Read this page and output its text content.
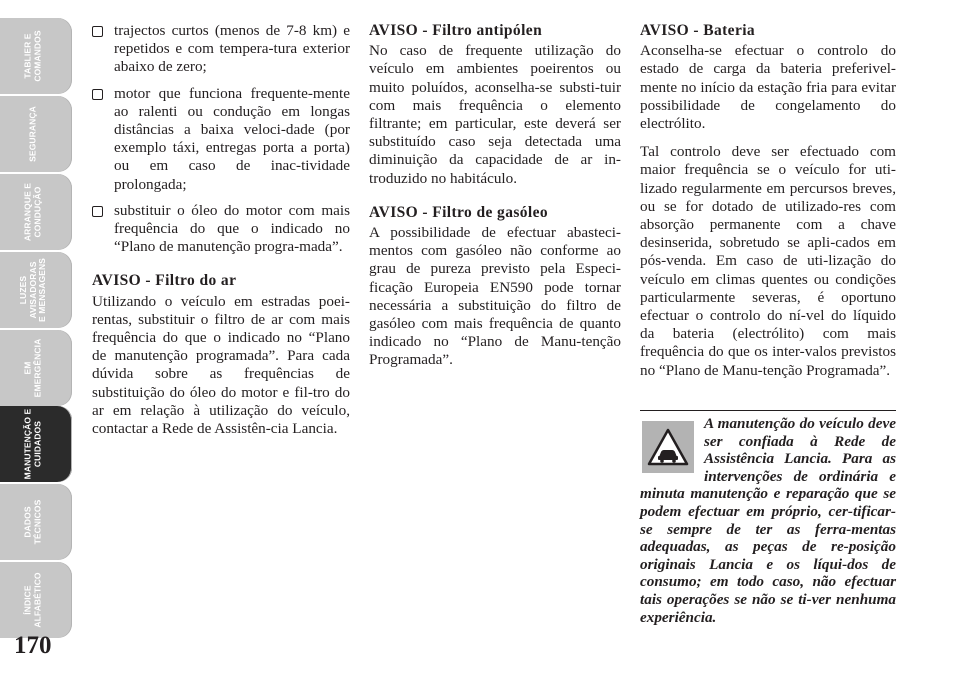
TABLIER E
COMANDOS
SEGURANÇA
ARRANQUE E
CONDUÇÃO
LUZES
AVISADORAS
E MENSAGENS
EM
EMERGÊNCIA
MANUTENÇÃO E
CUIDADOS
DADOS
TÉCNICOS
ÍNDICE
ALFABÉTICO
170
trajectos curtos (menos de 7-8 km) e repetidos e com tempera-tura exterior abaixo de zero;
motor que funciona frequente-mente ao ralenti ou condução em longas distâncias a baixa veloci-dade (por exemplo táxi, entregas porta a porta) ou em caso de inac-tividade prolongada;
substituir o óleo do motor com mais frequência do que o indicado no “Plano de manutenção progra-mada”.
AVISO - Filtro do ar

Utilizando o veículo em estradas poei-rentas, substituir o filtro de ar com mais frequência do que o indicado no “Plano de manutenção programada”. Para cada dúvida sobre as frequências de substituição do óleo do motor e fil-tro do ar em relação à utilização do veículo, contactar a Rede de Assistên-cia Lancia.

AVISO - Filtro antipólen

No caso de frequente utilização do veículo em ambientes poeirentos ou muito poluídos, aconselha-se substi-tuir com mais frequência o elemento filtrante; em particular, este deverá ser substituído caso seja detectada uma diminuição da capacidade de ar in-troduzido no habitáculo.

AVISO - Filtro de gasóleo

A possibilidade de efectuar abasteci-mentos com gasóleo não conforme ao grau de pureza previsto pela Especi-ficação Europeia EN590 pode tornar necessária a substituição do filtro de gasóleo com mais frequência de quanto indicado no “Plano de Manu-tenção Programada”.

AVISO - Bateria

Aconselha-se efectuar o controlo do estado de carga da bateria preferivel-mente no início da estação fria para evitar possibilidade de congelamento do electrólito.

Tal controlo deve ser efectuado com maior frequência se o veículo for uti-lizado regularmente em percursos breves, ou se for dotado de utilizado-res com absorção permanente com a chave desinserida, sobretudo se apli-cados em pós-venda. Em caso de uti-lização do veículo em climas quentes ou condições particularmente severas, é oportuno efectuar o controlo do ní-vel do líquido da bateria (electrólito) com mais frequência do que os inter-valos previstos no “Plano de Manu-tenção Programada”.

A manutenção do veículo deve ser confiada à Rede de Assistência Lancia. Para as intervenções de ordinária e minuta manutenção e reparação que se podem efectuar em próprio, cer-tificar-se sempre de ter as ferra-mentas adequadas, as peças de re-posição originais Lancia e os líqui-dos de consumo; em todo caso, não efectuar tais operações se não se ti-ver nenhuma experiência.
